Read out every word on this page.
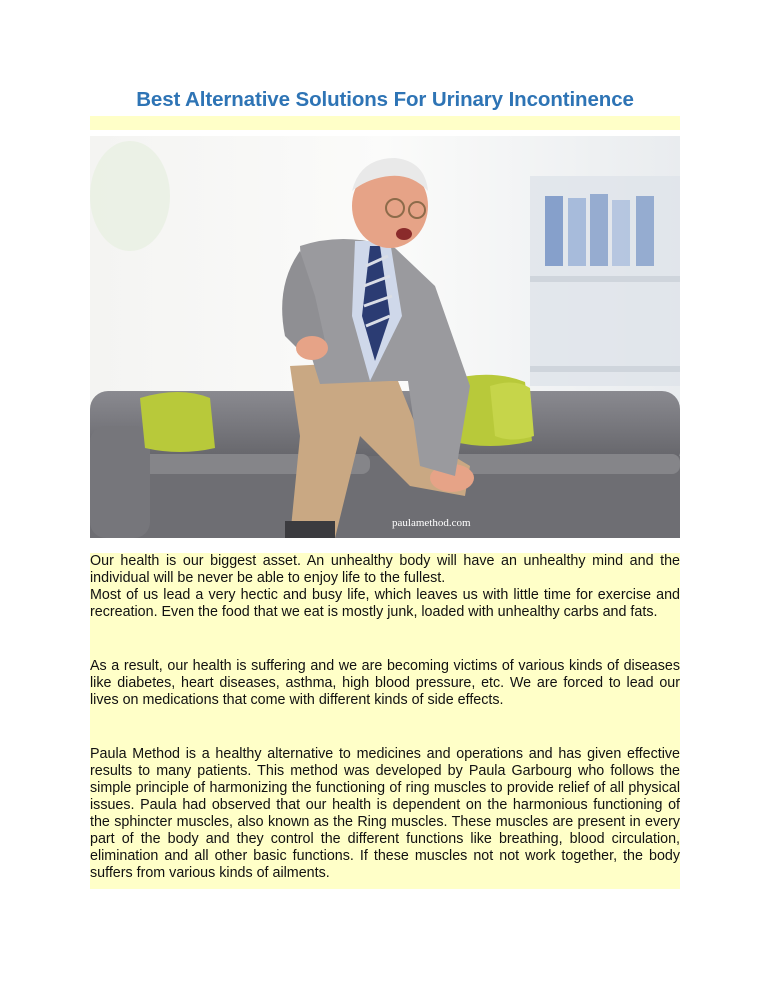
Best Alternative Solutions For Urinary Incontinence
paulamethod.com

Our health is our biggest asset. An unhealthy body will have an unhealthy mind and the individual will be never be able to enjoy life to the fullest.

Most of us lead a very hectic and busy life, which leaves us with little time for exercise and recreation. Even the food that we eat is mostly junk, loaded with unhealthy carbs and fats.

As a result, our health is suffering and we are becoming victims of various kinds of diseases like diabetes, heart diseases, asthma, high blood pressure, etc. We are forced to lead our lives on medications that come with different kinds of side effects.

Paula Method is a healthy alternative to medicines and operations and has given effective results to many patients. This method was developed by Paula Garbourg who follows the simple principle of harmonizing the functioning of ring muscles to provide relief of all physical issues. Paula had observed that our health is dependent on the harmonious functioning of the sphincter muscles, also known as the Ring muscles. These muscles are present in every part of the body and they control the different functions like breathing, blood circulation, elimination and all other basic functions. If these muscles not not work together, the body suffers from various kinds of ailments.
